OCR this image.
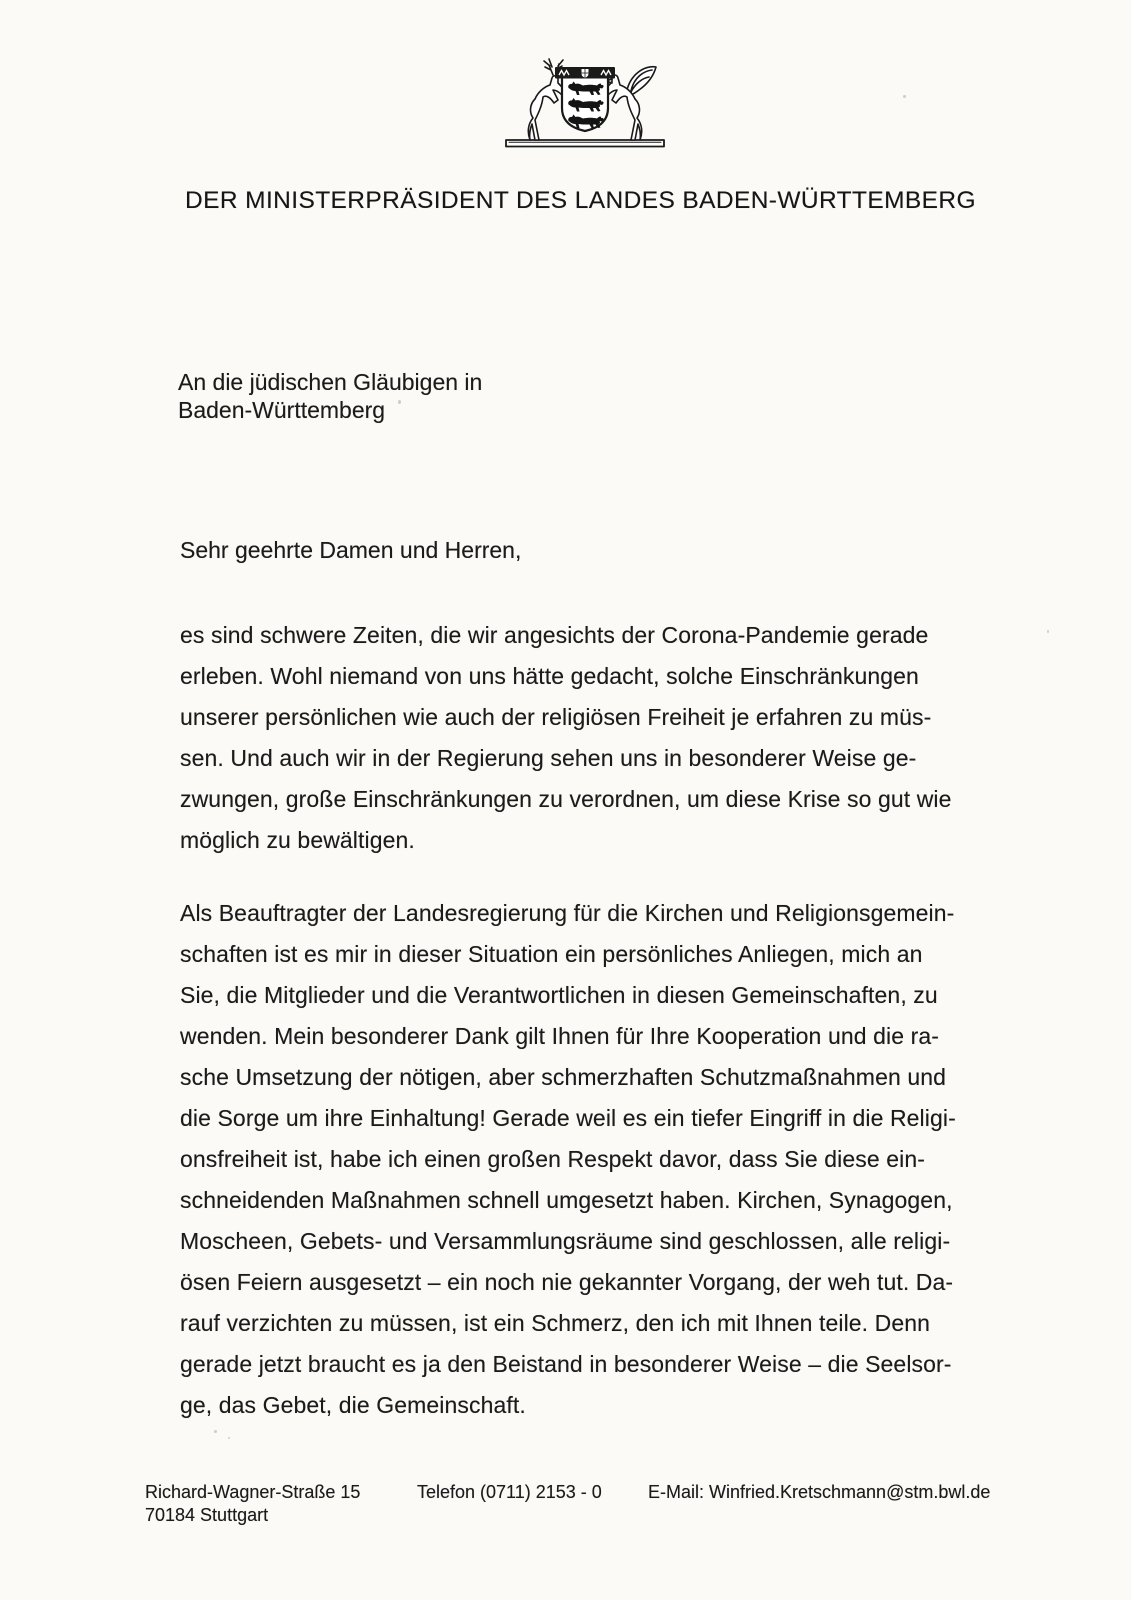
DER MINISTERPRÄSIDENT DES LANDES BADEN-WÜRTTEMBERG
An die jüdischen Gläubigen in
Baden-Württemberg
Sehr geehrte Damen und Herren,
es sind schwere Zeiten, die wir angesichts der Corona-Pandemie gerade
erleben. Wohl niemand von uns hätte gedacht, solche Einschränkungen
unserer persönlichen wie auch der religiösen Freiheit je erfahren zu müs-
sen. Und auch wir in der Regierung sehen uns in besonderer Weise ge-
zwungen, große Einschränkungen zu verordnen, um diese Krise so gut wie
möglich zu bewältigen.
Als Beauftragter der Landesregierung für die Kirchen und Religionsgemein-
schaften ist es mir in dieser Situation ein persönliches Anliegen, mich an
Sie, die Mitglieder und die Verantwortlichen in diesen Gemeinschaften, zu
wenden. Mein besonderer Dank gilt Ihnen für Ihre Kooperation und die ra-
sche Umsetzung der nötigen, aber schmerzhaften Schutzmaßnahmen und
die Sorge um ihre Einhaltung! Gerade weil es ein tiefer Eingriff in die Religi-
onsfreiheit ist, habe ich einen großen Respekt davor, dass Sie diese ein-
schneidenden Maßnahmen schnell umgesetzt haben. Kirchen, Synagogen,
Moscheen, Gebets- und Versammlungsräume sind geschlossen, alle religi-
ösen Feiern ausgesetzt – ein noch nie gekannter Vorgang, der weh tut. Da-
rauf verzichten zu müssen, ist ein Schmerz, den ich mit Ihnen teile. Denn
gerade jetzt braucht es ja den Beistand in besonderer Weise – die Seelsor-
ge, das Gebet, die Gemeinschaft.
Richard-Wagner-Straße 15
70184 Stuttgart
Telefon (0711) 2153 - 0	E-Mail: Winfried.Kretschmann@stm.bwl.de
